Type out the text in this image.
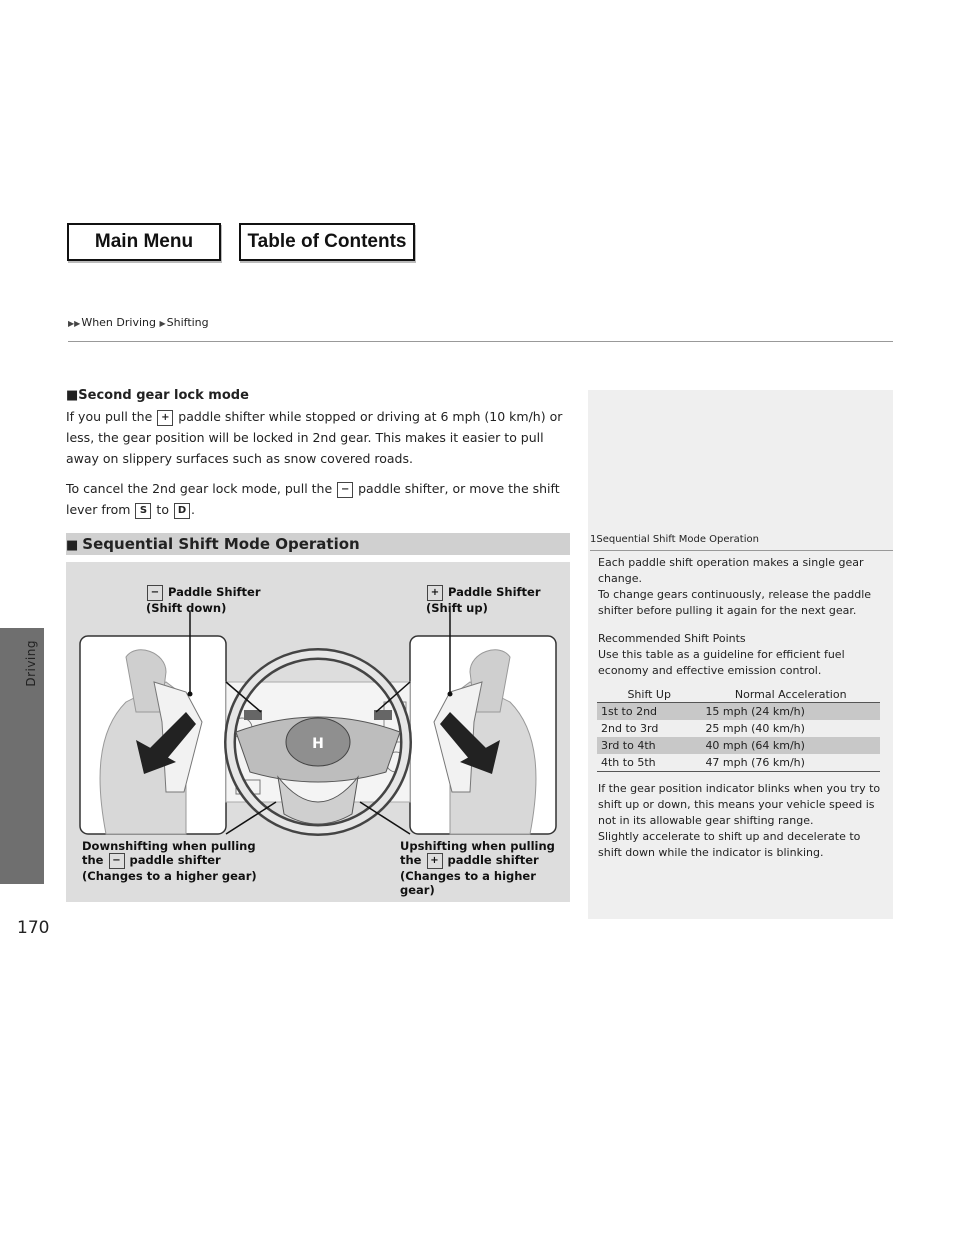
Main Menu	Table of Contents
▶▶When Driving ▶Shifting
Driving
170
■Second gear lock mode
If you pull the + paddle shifter while stopped or driving at 6 mph (10 km/h) or less, the gear position will be locked in 2nd gear. This makes it easier to pull away on slippery surfaces such as snow covered roads.
To cancel the 2nd gear lock mode, pull the − paddle shifter, or move the shift lever from S to D .
■ Sequential Shift Mode Operation
H
− Paddle Shifter
(Shift down)
+ Paddle Shifter
(Shift up)
Downshifting when pulling
the − paddle shifter
(Changes to a higher gear)
Upshifting when pulling
the + paddle shifter
(Changes to a higher gear)
1Sequential Shift Mode Operation
Each paddle shift operation makes a single gear change.
To change gears continuously, release the paddle shifter before pulling it again for the next gear.
Recommended Shift Points
Use this table as a guideline for efficient fuel economy and effective emission control.
Shift Up	Normal Acceleration
1st to 2nd	15 mph (24 km/h)
2nd to 3rd	25 mph (40 km/h)
3rd to 4th	40 mph (64 km/h)
4th to 5th	47 mph (76 km/h)
If the gear position indicator blinks when you try to shift up or down, this means your vehicle speed is not in its allowable gear shifting range.
Slightly accelerate to shift up and decelerate to shift down while the indicator is blinking.
